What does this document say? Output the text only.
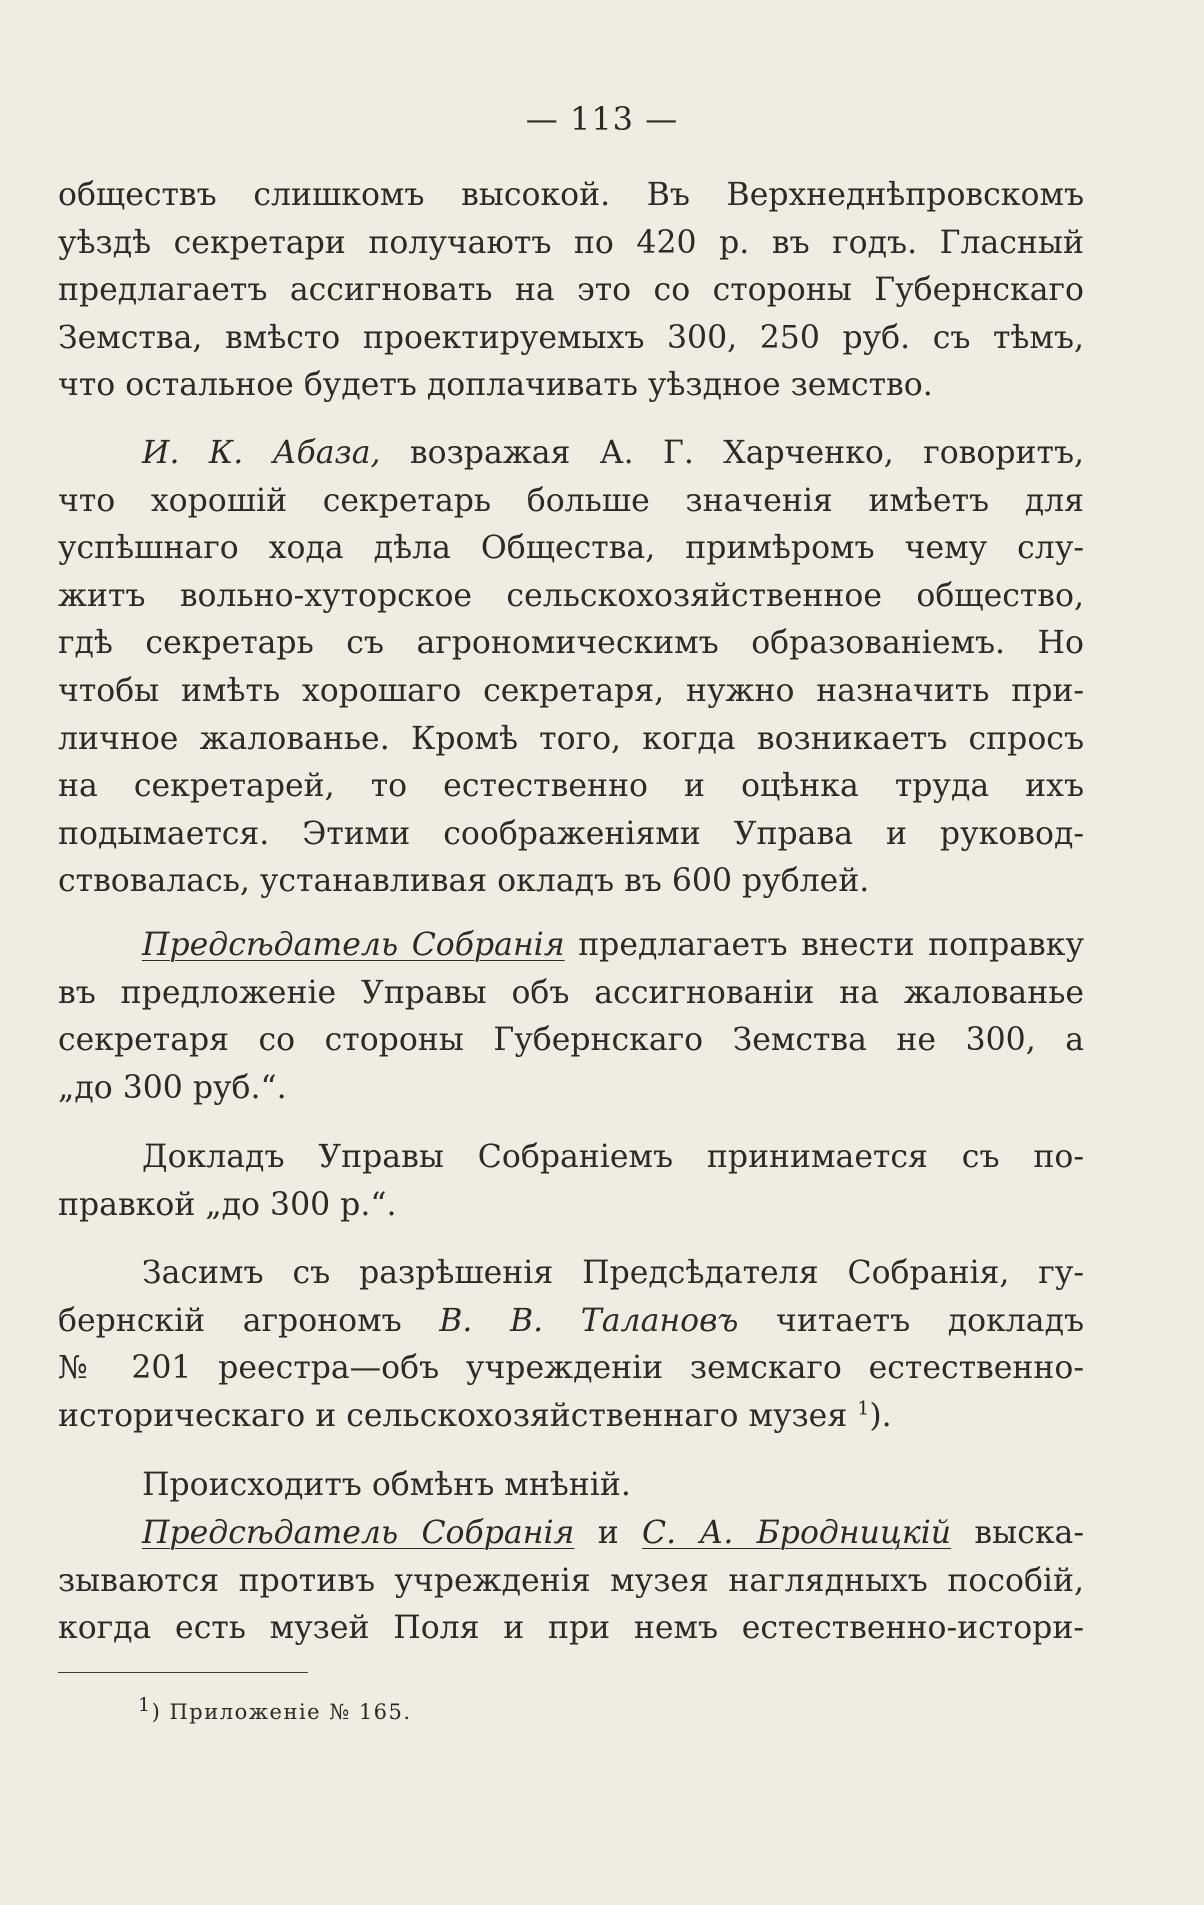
— 113 —
обществъ слишкомъ высокой. Въ Верхнеднѣпровскомъ
уѣздѣ секретари получаютъ по 420 р. въ годъ. Гласный
предлагаетъ ассигновать на это со стороны Губернскаго
Земства, вмѣсто проектируемыхъ 300, 250 руб. съ тѣмъ,
что остальное будетъ доплачивать уѣздное земство.
И. К. Абаза, возражая А. Г. Харченко, говоритъ,
что хорошій секретарь больше значенія имѣетъ для
успѣшнаго хода дѣла Общества, примѣромъ чему слу-
житъ вольно-хуторское сельскохозяйственное общество,
гдѣ секретарь съ агрономическимъ образованіемъ. Но
чтобы имѣть хорошаго секретаря, нужно назначить при-
личное жалованье. Кромѣ того, когда возникаетъ спросъ
на секретарей, то естественно и оцѣнка труда ихъ
подымается. Этими соображеніями Управа и руковод-
ствовалась, устанавливая окладъ въ 600 рублей.
Предсѣдатель Собранія предлагаетъ внести поправку
въ предложеніе Управы объ ассигнованіи на жалованье
секретаря со стороны Губернскаго Земства не 300, а
„до 300 руб.“.
Докладъ Управы Собраніемъ принимается съ по-
правкой „до 300 р.“.
Засимъ съ разрѣшенія Предсѣдателя Собранія, гу-
бернскій агрономъ В. В. Талановъ читаетъ докладъ
№ 201 реестра—объ учрежденіи земскаго естественно-
историческаго и сельскохозяйственнаго музея $^1$).
Происходитъ обмѣнъ мнѣній.
Предсѣдатель Собранія и С. А. Бродницкій выска-
зываются противъ учрежденія музея наглядныхъ пособій,
когда есть музей Поля и при немъ естественно-истори-
$^1$) Приложеніе № 165.
